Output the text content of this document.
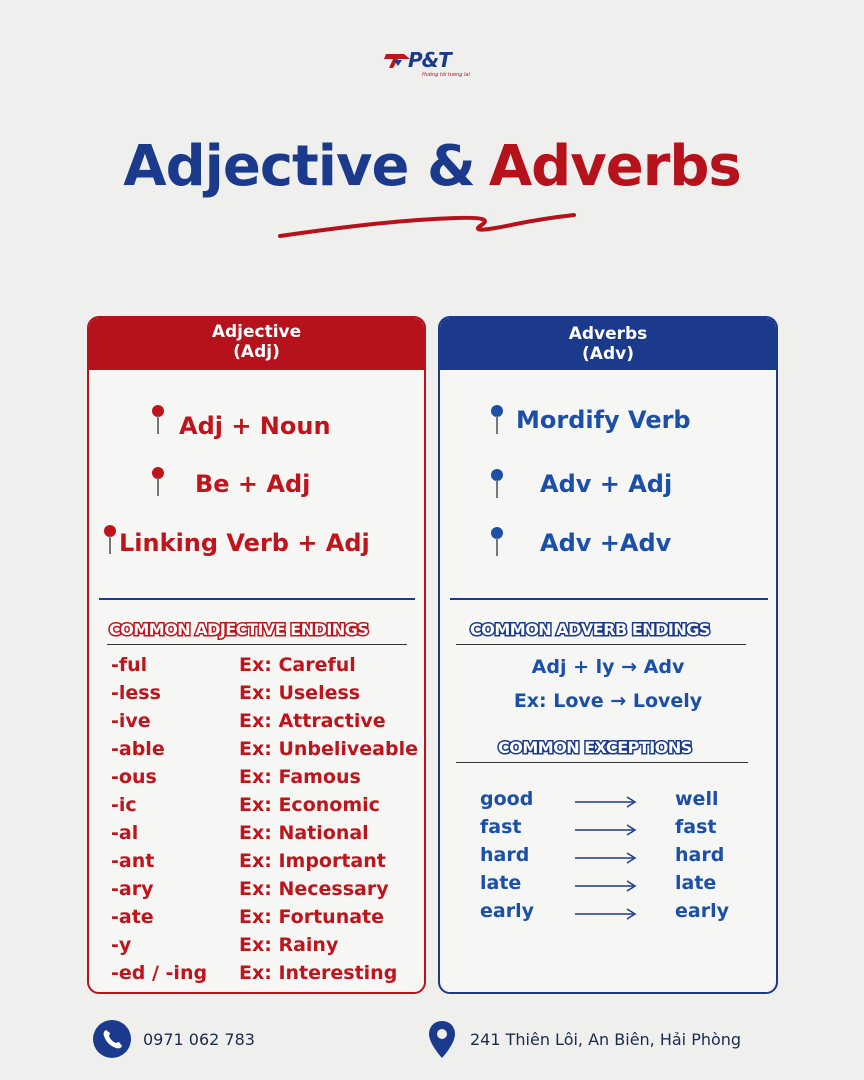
P&T
Hướng tới tương lai
Adjective & Adverbs
Adjective
(Adj)
Adj + Noun
Be + Adj
Linking Verb + Adj
COMMON ADJECTIVE ENDINGS
-ful	Ex: Careful
-less	Ex: Useless
-ive	Ex: Attractive
-able	Ex: Unbeliveable
-ous	Ex: Famous
-ic	Ex: Economic
-al	Ex: National
-ant	Ex: Important
-ary	Ex: Necessary
-ate	Ex: Fortunate
-y	Ex: Rainy
-ed / -ing Ex: Interesting
Adverbs
(Adv)
Mordify Verb
Adv + Adj
Adv +Adv
COMMON ADVERB ENDINGS
Adj + ly → Adv
Ex: Love → Lovely
COMMON EXCEPTIONS
good	well
fast	fast
hard	hard
late	late
early	early
0971 062 783	241 Thiên Lôi, An Biên, Hải Phòng
